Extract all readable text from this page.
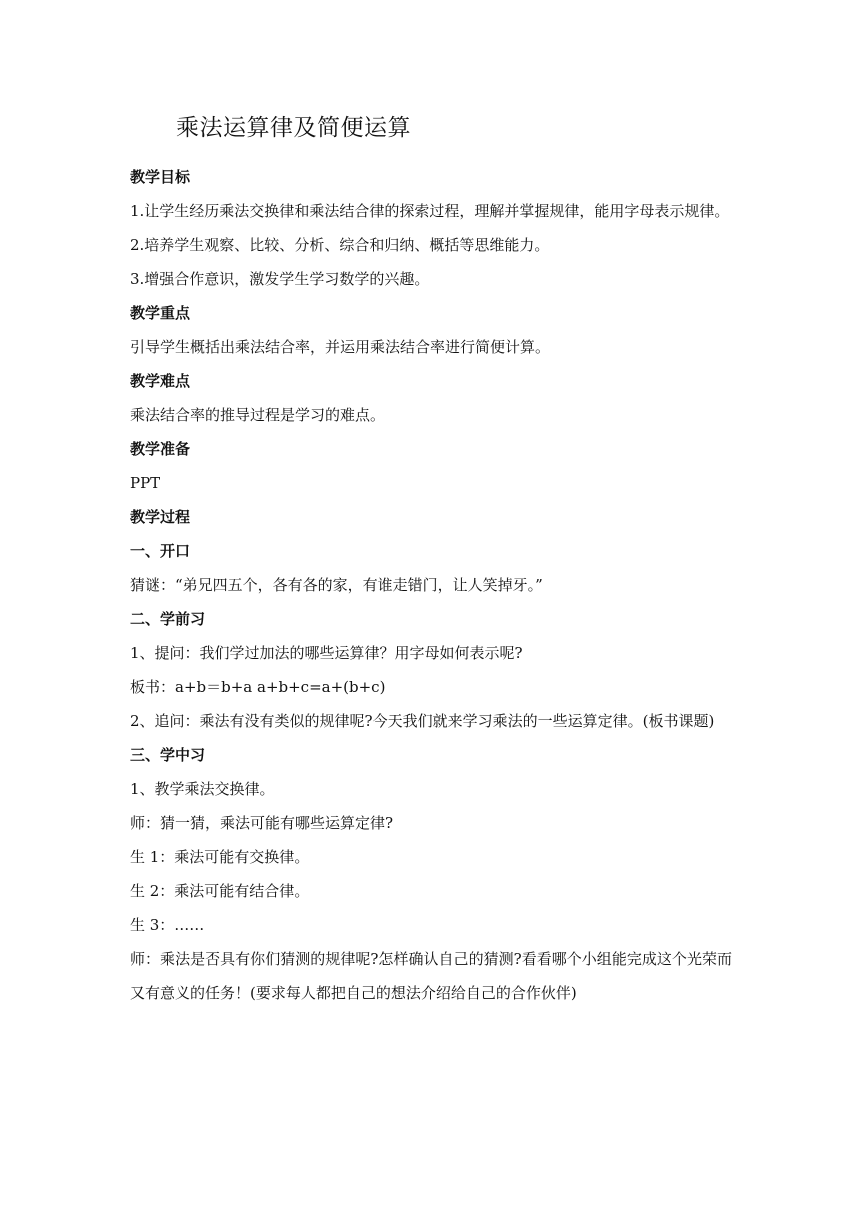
乘法运算律及简便运算

教学目标

1.让学生经历乘法交换律和乘法结合律的探索过程，理解并掌握规律，能用字母表示规律。

2.培养学生观察、比较、分析、综合和归纳、概括等思维能力。

3.增强合作意识，激发学生学习数学的兴趣。

教学重点

引导学生概括出乘法结合率，并运用乘法结合率进行简便计算。

教学难点

乘法结合率的推导过程是学习的难点。

教学准备

PPT

教学过程

一、开口

猜谜：“弟兄四五个，各有各的家，有谁走错门，让人笑掉牙。”

二、学前习

1、提问：我们学过加法的哪些运算律？用字母如何表示呢?

板书：a+b＝b+a a+b+c=a+(b+c)

2、追问：乘法有没有类似的规律呢?今天我们就来学习乘法的一些运算定律。(板书课题)

三、学中习

1、教学乘法交换律。

师：猜一猜，乘法可能有哪些运算定律?

生 1：乘法可能有交换律。

生 2：乘法可能有结合律。

生 3：……

师：乘法是否具有你们猜测的规律呢?怎样确认自己的猜测?看看哪个小组能完成这个光荣而又有意义的任务！(要求每人都把自己的想法介绍给自己的合作伙伴)
